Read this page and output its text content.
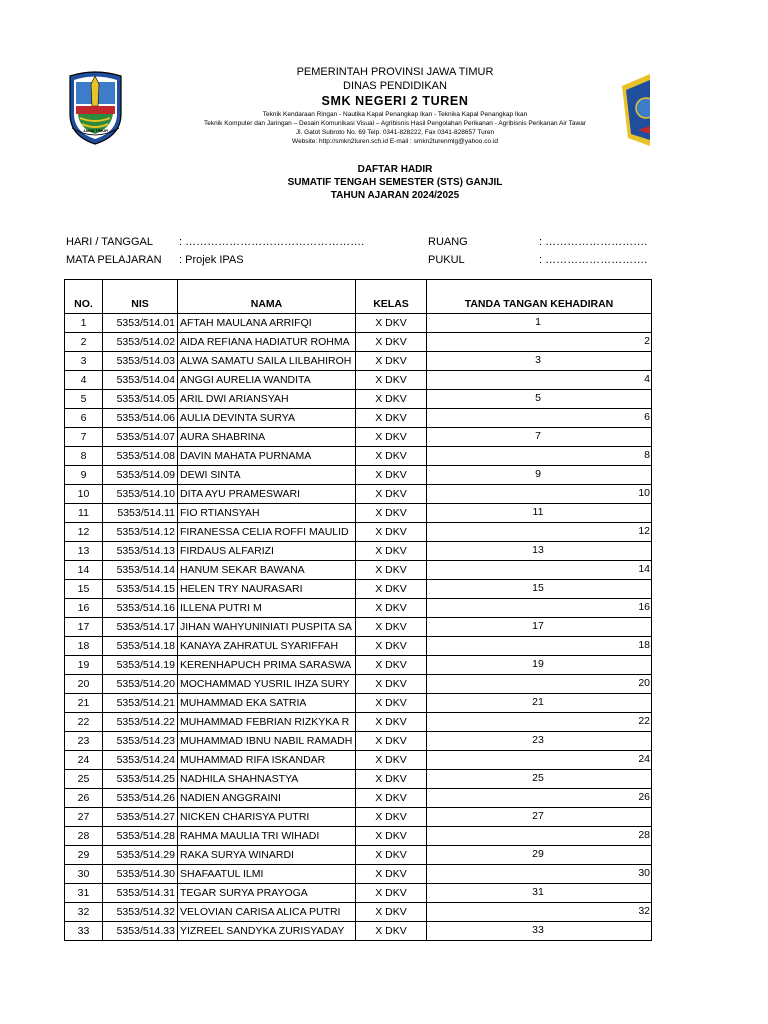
JAWA TIMUR
PEMERINTAH PROVINSI JAWA TIMUR
DINAS PENDIDIKAN
SMK NEGERI 2 TUREN
Teknik Kendaraan Ringan - Nautika Kapal Penangkap Ikan - Teknika Kapal Penangkap Ikan
Teknik Komputer dan Jaringan – Desain Komunikasi Visual – Agribisnis Hasil Pengolahan Perikanan - Agribisnis Perikanan Air Tawar
Jl. Gatot Subroto No. 69 Telp. 0341-828222, Fax 0341-828657 Turen
Website: http://smkn2turen.sch.id E-mail : smkn2turenmlg@yahoo.co.id
DAFTAR HADIR
SUMATIF TENGAH SEMESTER (STS) GANJIL
TAHUN AJARAN 2024/2025
HARI / TANGGAL : ………………………………………….
MATA PELAJARAN : Projek IPAS
RUANG	: ……………………….
PUKUL	: ……………………….
NO.	NIS	NAMA	KELAS	TANDA TANGAN KEHADIRAN
1	5353/514.01	AFTAH MAULANA ARRIFQI	X DKV	1

2	5353/514.02	AIDA REFIANA HADIATUR ROHMA	X DKV	2

3	5353/514.03	ALWA SAMATU SAILA LILBAHIROH	X DKV	3

4	5353/514.04	ANGGI AURELIA WANDITA	X DKV	4

5	5353/514.05	ARIL DWI ARIANSYAH	X DKV	5

6	5353/514.06	AULIA DEVINTA SURYA	X DKV	6

7	5353/514.07	AURA SHABRINA	X DKV	7

8	5353/514.08	DAVIN MAHATA PURNAMA	X DKV	8

9	5353/514.09	DEWI SINTA	X DKV	9

10	5353/514.10	DITA AYU PRAMESWARI	X DKV	10

11	5353/514.11	FIO RTIANSYAH	X DKV	11

12	5353/514.12	FIRANESSA CELIA ROFFI MAULID	X DKV	12

13	5353/514.13	FIRDAUS ALFARIZI	X DKV	13

14	5353/514.14	HANUM SEKAR BAWANA	X DKV	14

15	5353/514.15	HELEN TRY NAURASARI	X DKV	15

16	5353/514.16	ILLENA PUTRI M	X DKV	16

17	5353/514.17	JIHAN WAHYUNINIATI PUSPITA SA	X DKV	17

18	5353/514.18	KANAYA ZAHRATUL SYARIFFAH	X DKV	18

19	5353/514.19	KERENHAPUCH PRIMA SARASWA	X DKV	19

20	5353/514.20	MOCHAMMAD YUSRIL IHZA SURY	X DKV	20

21	5353/514.21	MUHAMMAD EKA SATRIA	X DKV	21

22	5353/514.22	MUHAMMAD FEBRIAN RIZKYKA R	X DKV	22

23	5353/514.23	MUHAMMAD IBNU NABIL RAMADH	X DKV	23

24	5353/514.24	MUHAMMAD RIFA ISKANDAR	X DKV	24

25	5353/514.25	NADHILA SHAHNASTYA	X DKV	25

26	5353/514.26	NADIEN ANGGRAINI	X DKV	26

27	5353/514.27	NICKEN CHARISYA PUTRI	X DKV	27

28	5353/514.28	RAHMA MAULIA TRI WIHADI	X DKV	28

29	5353/514.29	RAKA SURYA WINARDI	X DKV	29

30	5353/514.30	SHAFAATUL ILMI	X DKV	30

31	5353/514.31	TEGAR SURYA PRAYOGA	X DKV	31

32	5353/514.32	VELOVIAN CARISA ALICA PUTRI	X DKV	32

33	5353/514.33	YIZREEL SANDYKA ZURISYADAY	X DKV	33
